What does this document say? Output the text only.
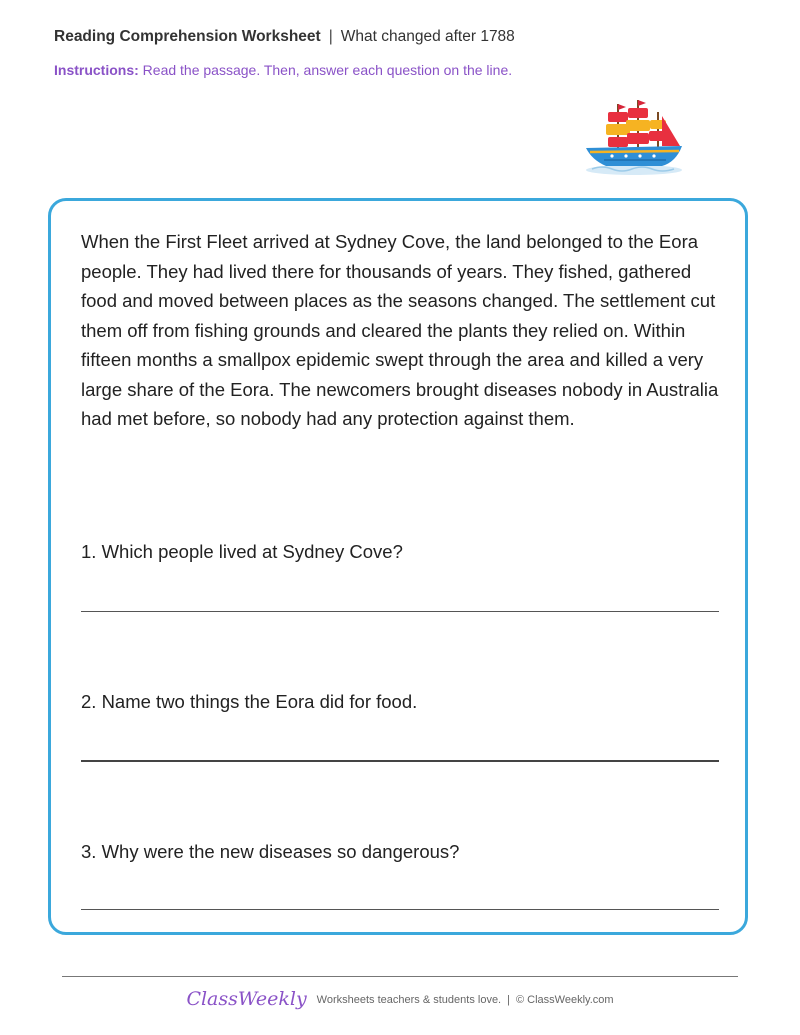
Reading Comprehension Worksheet | What changed after 1788
Instructions: Read the passage. Then, answer each question on the line.

When the First Fleet arrived at Sydney Cove, the land belonged to the Eora people. They had lived there for thousands of years. They fished, gathered food and moved between places as the seasons changed. The settlement cut them off from fishing grounds and cleared the plants they relied on. Within fifteen months a smallpox epidemic swept through the area and killed a very large share of the Eora. The newcomers brought diseases nobody in Australia had met before, so nobody had any protection against them.

1. Which people lived at Sydney Cove?
2. Name two things the Eora did for food.
3. Why were the new diseases so dangerous?
ClassWeekly Worksheets teachers & students love. | © ClassWeekly.com
